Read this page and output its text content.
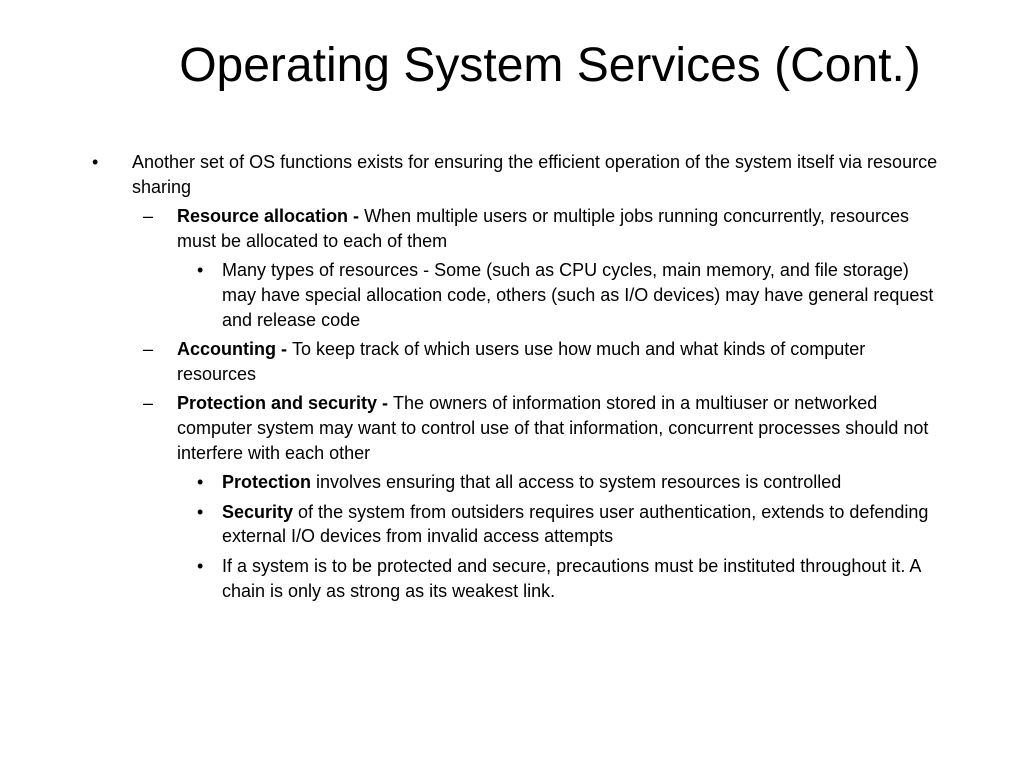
Operating System Services (Cont.)
• Another set of OS functions exists for ensuring the efficient operation of the system itself via resource sharing
– Resource allocation - When multiple users or multiple jobs running concurrently, resources must be allocated to each of them
• Many types of resources - Some (such as CPU cycles, main memory, and file storage) may have special allocation code, others (such as I/O devices) may have general request and release code
– Accounting - To keep track of which users use how much and what kinds of computer resources
– Protection and security - The owners of information stored in a multiuser or networked computer system may want to control use of that information, concurrent processes should not interfere with each other
• Protection involves ensuring that all access to system resources is controlled
• Security of the system from outsiders requires user authentication, extends to defending external I/O devices from invalid access attempts
• If a system is to be protected and secure, precautions must be instituted throughout it. A chain is only as strong as its weakest link.
